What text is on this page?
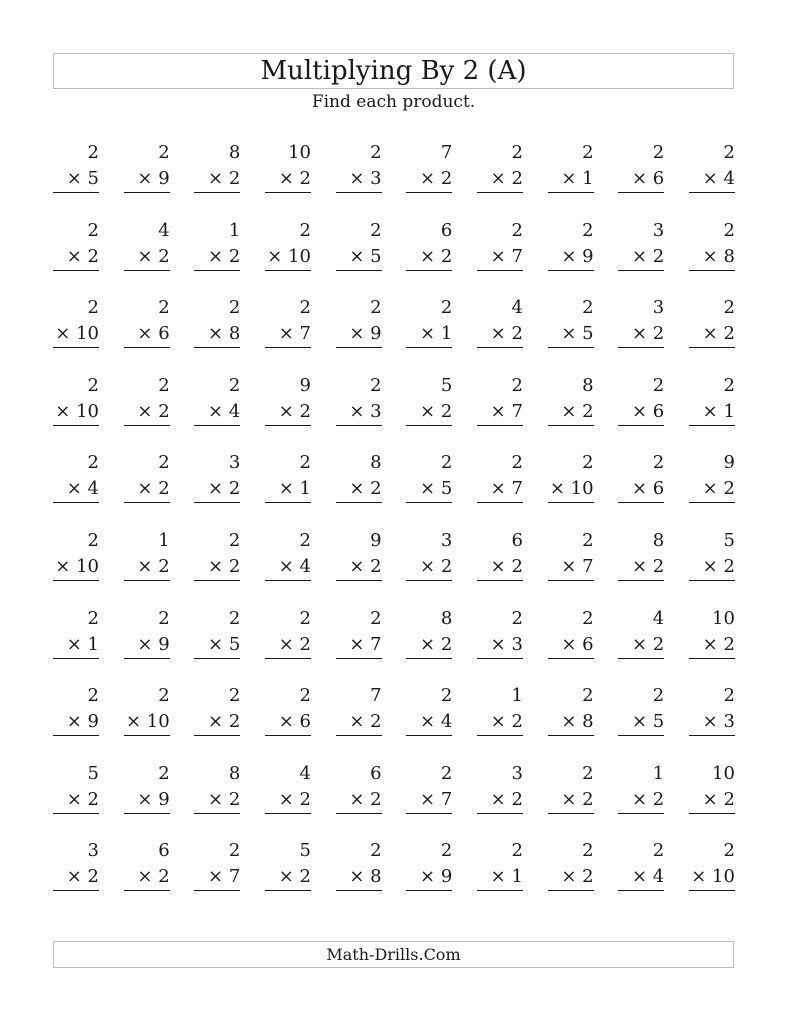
Multiplying By 2 (A)

Find each product.

2
× 5
2
× 9
8
× 2
10
× 2
2
× 3
7
× 2
2
× 2
2
× 1
2
× 6
2
× 4
2
× 2
4
× 2
1
× 2
2
× 10
2
× 5
6
× 2
2
× 7
2
× 9
3
× 2
2
× 8
2
× 10
2
× 6
2
× 8
2
× 7
2
× 9
2
× 1
4
× 2
2
× 5
3
× 2
2
× 2
2
× 10
2
× 2
2
× 4
9
× 2
2
× 3
5
× 2
2
× 7
8
× 2
2
× 6
2
× 1
2
× 4
2
× 2
3
× 2
2
× 1
8
× 2
2
× 5
2
× 7
2
× 10
2
× 6
9
× 2
2
× 10
1
× 2
2
× 2
2
× 4
9
× 2
3
× 2
6
× 2
2
× 7
8
× 2
5
× 2
2
× 1
2
× 9
2
× 5
2
× 2
2
× 7
8
× 2
2
× 3
2
× 6
4
× 2
10
× 2
2
× 9
2
× 10
2
× 2
2
× 6
7
× 2
2
× 4
1
× 2
2
× 8
2
× 5
2
× 3
5
× 2
2
× 9
8
× 2
4
× 2
6
× 2
2
× 7
3
× 2
2
× 2
1
× 2
10
× 2
3
× 2
6
× 2
2
× 7
5
× 2
2
× 8
2
× 9
2
× 1
2
× 2
2
× 4
2
× 10
Math-Drills.Com
